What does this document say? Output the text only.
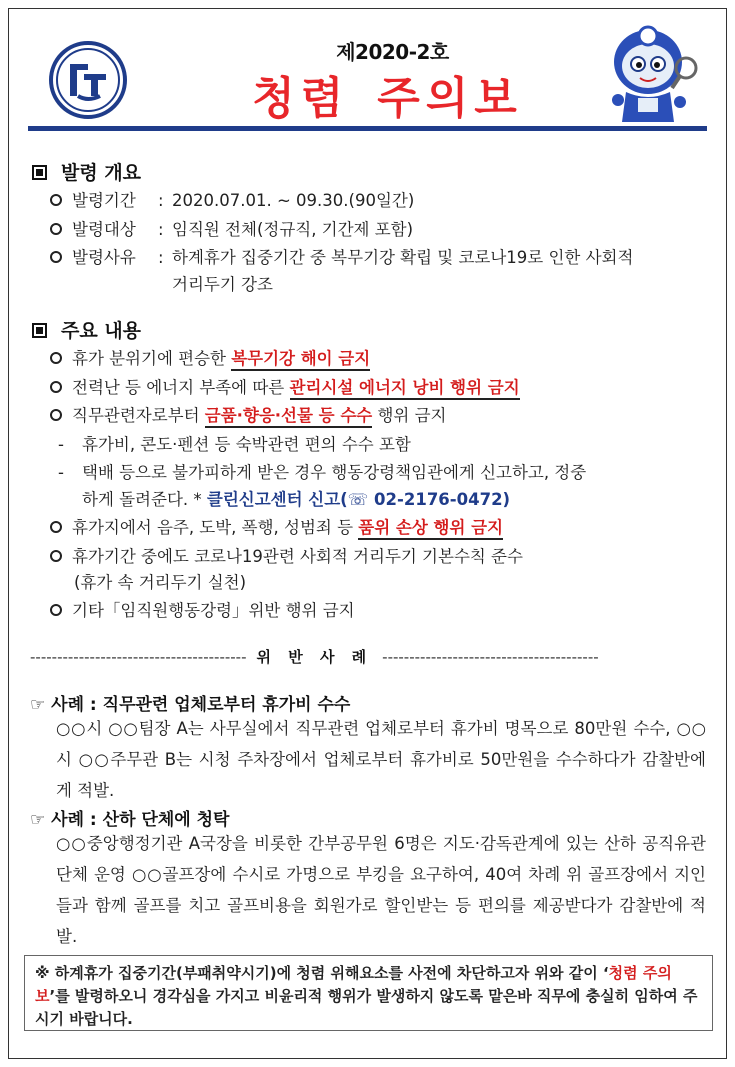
제2020-2호
청렴 주의보
발령 개요
발령기간 : 2020.07.01. ~ 09.30.(90일간)
발령대상 : 임직원 전체(정규직, 기간제 포함)
발령사유 : 하계휴가 집중기간 중 복무기강 확립 및 코로나19로 인한 사회적
거리두기 강조
주요 내용
휴가 분위기에 편승한 복무기강 해이 금지
전력난 등 에너지 부족에 따른 관리시설 에너지 낭비 행위 금지
직무관련자로부터 금품·향응·선물 등 수수 행위 금지
- 휴가비, 콘도·펜션 등 숙박관련 편의 수수 포함
- 택배 등으로 불가피하게 받은 경우 행동강령책임관에게 신고하고, 정중
하게 돌려준다. * 클린신고센터 신고(☏ 02-2176-0472)
휴가지에서 음주, 도박, 폭행, 성범죄 등 품위 손상 행위 금지
휴가기간 중에도 코로나19관련 사회적 거리두기 기본수칙 준수
(휴가 속 거리두기 실천)
기타「임직원행동강령」위반 행위 금지
---------------------------------------- 위 반 사 례 ----------------------------------------
☞ 사례 : 직무관련 업체로부터 휴가비 수수
○○시 ○○팀장 A는 사무실에서 직무관련 업체로부터 휴가비 명목으로 80만원 수수, ○○시 ○○주무관 B는 시청 주차장에서 업체로부터 휴가비로 50만원을 수수하다가 감찰반에게 적발.
☞ 사례 : 산하 단체에 청탁
○○중앙행정기관 A국장을 비롯한 간부공무원 6명은 지도·감독관계에 있는 산하 공직유관단체 운영 ○○골프장에 수시로 가명으로 부킹을 요구하여, 40여 차례 위 골프장에서 지인들과 함께 골프를 치고 골프비용을 회원가로 할인받는 등 편의를 제공받다가 감찰반에 적발.
※ 하계휴가 집중기간(부패취약시기)에 청렴 위해요소를 사전에 차단하고자 위와 같이 ‘청렴 주의보’를 발령하오니 경각심을 가지고 비윤리적 행위가 발생하지 않도록 맡은바 직무에 충실히 임하여 주시기 바랍니다.
